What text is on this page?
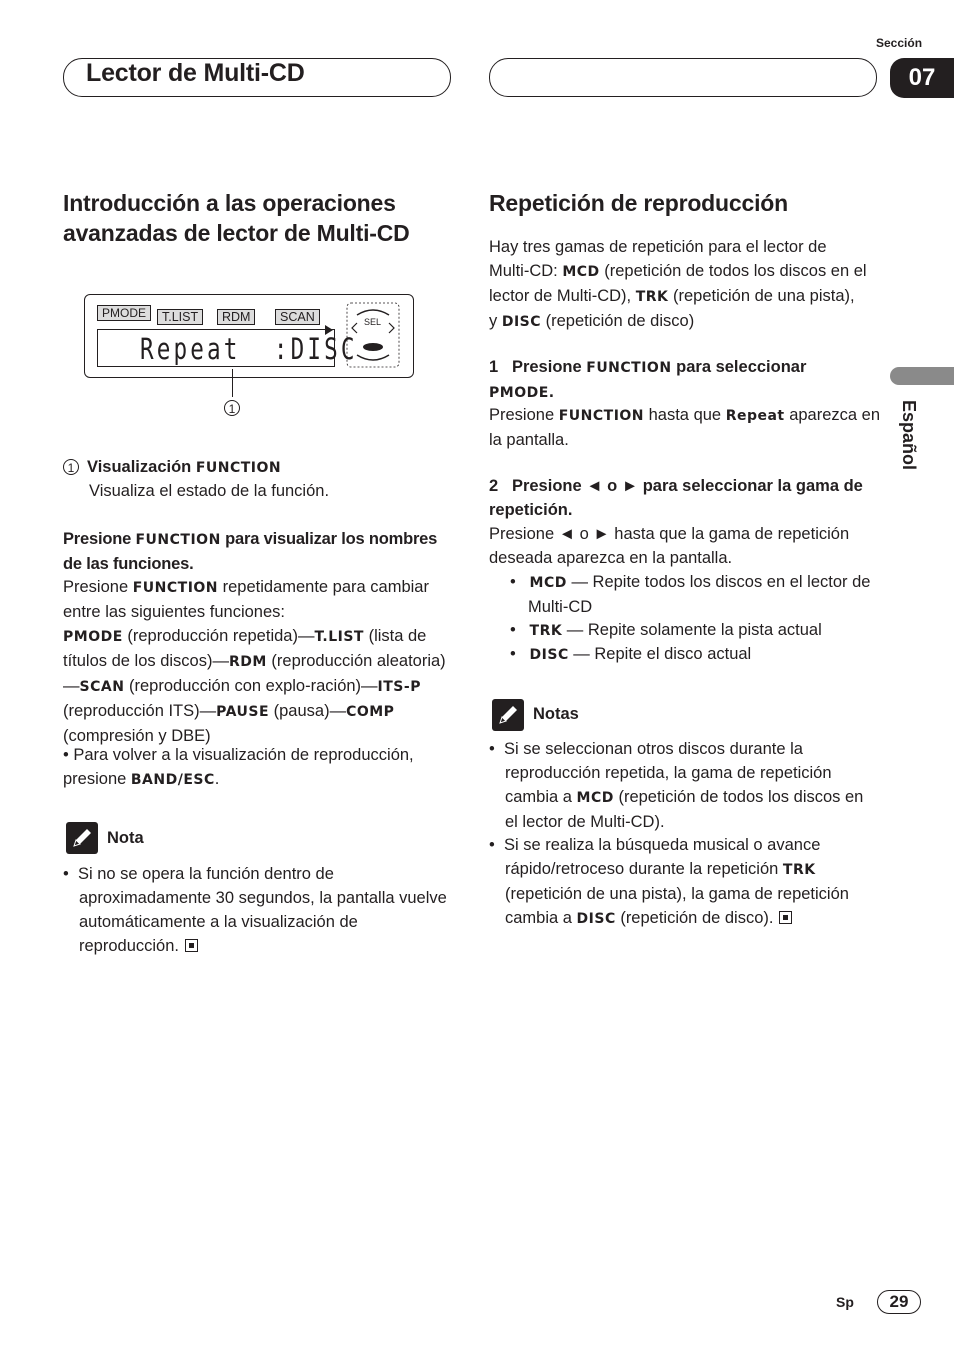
Lector de Multi-CD
Sección
07
Español
Introducción a las operaciones
avanzadas de lector de Multi-CD
PMODE	T.LIST	RDM	SCAN
Repeat  :DISC
SEL
1
1 Visualización FUNCTION
Visualiza el estado de la función.
Presione FUNCTION para visualizar los nombres de las funciones.
Presione FUNCTION repetidamente para cambiar entre las siguientes funciones:
PMODE (reproducción repetida)—T.LIST (lista de títulos de los discos)—RDM (reproducción aleatoria)—SCAN (reproducción con explo-ración)—ITS-P (reproducción ITS)—PAUSE (pausa)—COMP (compresión y DBE)
• Para volver a la visualización de reproducción, presione BAND/ESC.
Nota
•  Si no se opera la función dentro de aproximadamente 30 segundos, la pantalla vuelve automáticamente a la visualización de reproducción.
Repetición de reproducción
Hay tres gamas de repetición para el lector de Multi-CD: MCD (repetición de todos los discos en el lector de Multi-CD), TRK (repetición de una pista), y DISC (repetición de disco)
1 Presione FUNCTION para seleccionar
PMODE.
Presione FUNCTION hasta que Repeat aparezca en la pantalla.
2 Presione ◄ o ► para seleccionar la gama de repetición.
Presione ◄ o ► hasta que la gama de repetición deseada aparezca en la pantalla.
•   MCD — Repite todos los discos en el lector de Multi-CD
•   TRK — Repite solamente la pista actual
•   DISC — Repite el disco actual
Notas
•  Si se seleccionan otros discos durante la reproducción repetida, la gama de repetición cambia a MCD (repetición de todos los discos en el lector de Multi-CD).
•  Si se realiza la búsqueda musical o avance rápido/retroceso durante la repetición TRK (repetición de una pista), la gama de repetición cambia a DISC (repetición de disco).
Sp	29
